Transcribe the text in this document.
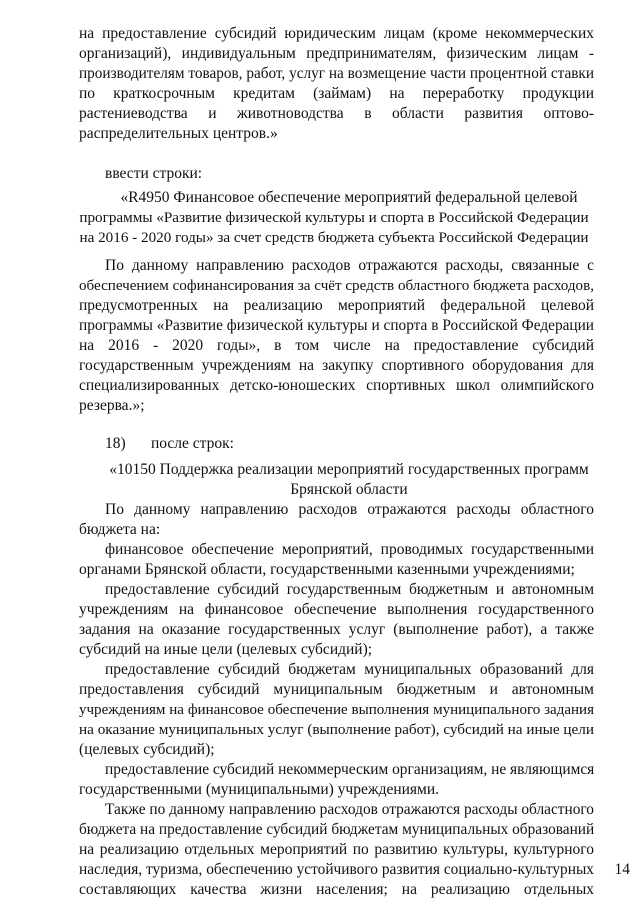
на предоставление субсидий юридическим лицам (кроме некоммерческих
организаций), индивидуальным предпринимателям, физическим лицам -
производителям товаров, работ, услуг на возмещение части процентной ставки
по краткосрочным кредитам (займам) на переработку продукции
растениеводства и животноводства в области развития оптово-
распределительных центров.»
ввести строки:
«R4950 Финансовое обеспечение мероприятий федеральной целевой
программы «Развитие физической культуры и спорта в Российской Федерации
на 2016 - 2020 годы» за счет средств бюджета субъекта Российской Федерации
По данному направлению расходов отражаются расходы, связанные с
обеспечением софинансирования за счёт средств областного бюджета расходов,
предусмотренных на реализацию мероприятий федеральной целевой
программы «Развитие физической культуры и спорта в Российской Федерации
на 2016 - 2020 годы», в том числе на предоставление субсидий
государственным учреждениям на закупку спортивного оборудования для
специализированных детско-юношеских спортивных школ олимпийского
резерва.»;
18) после строк:
«10150 Поддержка реализации мероприятий государственных программ
Брянской области
По данному направлению расходов отражаются расходы областного
бюджета на:
финансовое обеспечение мероприятий, проводимых государственными
органами Брянской области, государственными казенными учреждениями;
предоставление субсидий государственным бюджетным и автономным
учреждениям на финансовое обеспечение выполнения государственного
задания на оказание государственных услуг (выполнение работ), а также
субсидий на иные цели (целевых субсидий);
предоставление субсидий бюджетам муниципальных образований для
предоставления субсидий муниципальным бюджетным и автономным
учреждениям на финансовое обеспечение выполнения муниципального задания
на оказание муниципальных услуг (выполнение работ), субсидий на иные цели
(целевых субсидий);
предоставление субсидий некоммерческим организациям, не являющимся
государственными (муниципальными) учреждениями.
Также по данному направлению расходов отражаются расходы областного
бюджета на предоставление субсидий бюджетам муниципальных образований
на реализацию отдельных мероприятий по развитию культуры, культурного
наследия, туризма, обеспечению устойчивого развития социально-культурных
составляющих качества жизни населения; на реализацию отдельных
14
